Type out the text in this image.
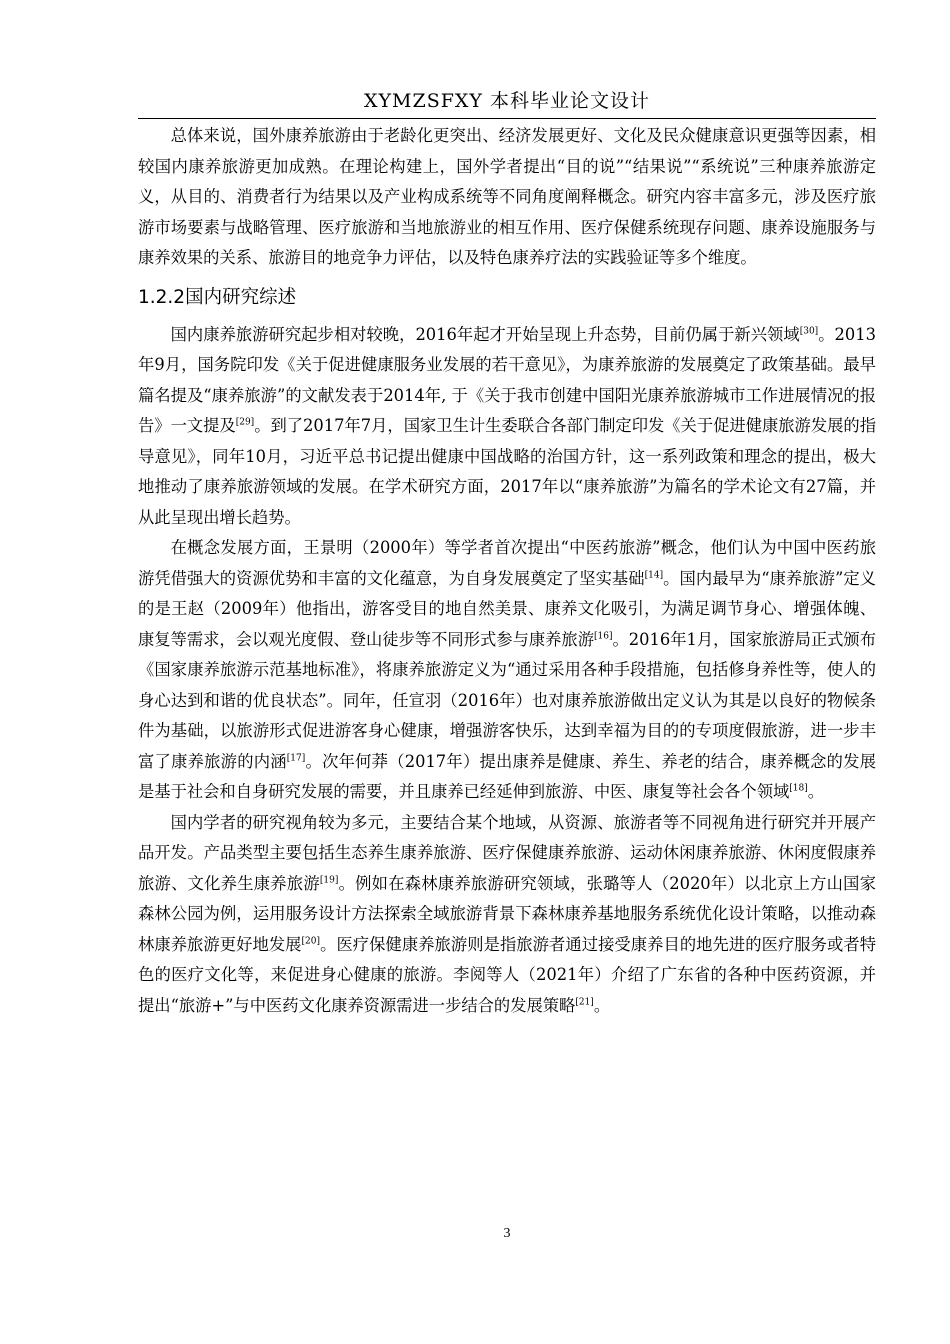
XYMZSFXY 本科毕业论文设计

总体来说，国外康养旅游由于老龄化更突出、经济发展更好、文化及民众健康意识更强等因素，相较国内康养旅游更加成熟。在理论构建上，国外学者提出“目的说”“结果说”“系统说”三种康养旅游定义，从目的、消费者行为结果以及产业构成系统等不同角度阐释概念。研究内容丰富多元，涉及医疗旅游市场要素与战略管理、医疗旅游和当地旅游业的相互作用、医疗保健系统现存问题、康养设施服务与康养效果的关系、旅游目的地竞争力评估，以及特色康养疗法的实践验证等多个维度。

1.2.2国内研究综述

国内康养旅游研究起步相对较晚，2016年起才开始呈现上升态势，目前仍属于新兴领域[30]。2013年9月，国务院印发《关于促进健康服务业发展的若干意见》，为康养旅游的发展奠定了政策基础。最早篇名提及“康养旅游”的文献发表于2014年, 于《关于我市创建中国阳光康养旅游城市工作进展情况的报告》一文提及[29]。到了2017年7月，国家卫生计生委联合各部门制定印发《关于促进健康旅游发展的指导意见》，同年10月，习近平总书记提出健康中国战略的治国方针，这一系列政策和理念的提出，极大地推动了康养旅游领域的发展。在学术研究方面，2017年以“康养旅游”为篇名的学术论文有27篇，并从此呈现出增长趋势。

在概念发展方面，王景明（2000年）等学者首次提出“中医药旅游”概念，他们认为中国中医药旅游凭借强大的资源优势和丰富的文化蕴意，为自身发展奠定了坚实基础[14]。国内最早为“康养旅游”定义的是王赵（2009年）他指出，游客受目的地自然美景、康养文化吸引，为满足调节身心、增强体魄、康复等需求，会以观光度假、登山徒步等不同形式参与康养旅游[16]。2016年1月，国家旅游局正式颁布《国家康养旅游示范基地标准》，将康养旅游定义为“通过采用各种手段措施，包括修身养性等，使人的身心达到和谐的优良状态”。同年，任宣羽（2016年）也对康养旅游做出定义认为其是以良好的物候条件为基础，以旅游形式促进游客身心健康，增强游客快乐，达到幸福为目的的专项度假旅游，进一步丰富了康养旅游的内涵[17]。次年何莽（2017年）提出康养是健康、养生、养老的结合，康养概念的发展是基于社会和自身研究发展的需要，并且康养已经延伸到旅游、中医、康复等社会各个领域[18]。

国内学者的研究视角较为多元，主要结合某个地域，从资源、旅游者等不同视角进行研究并开展产品开发。产品类型主要包括生态养生康养旅游、医疗保健康养旅游、运动休闲康养旅游、休闲度假康养旅游、文化养生康养旅游[19]。例如在森林康养旅游研究领域，张璐等人（2020年）以北京上方山国家森林公园为例，运用服务设计方法探索全域旅游背景下森林康养基地服务系统优化设计策略，以推动森林康养旅游更好地发展[20]。医疗保健康养旅游则是指旅游者通过接受康养目的地先进的医疗服务或者特色的医疗文化等，来促进身心健康的旅游。李阅等人（2021年）介绍了广东省的各种中医药资源，并提出“旅游+”与中医药文化康养资源需进一步结合的发展策略[21]。

3
